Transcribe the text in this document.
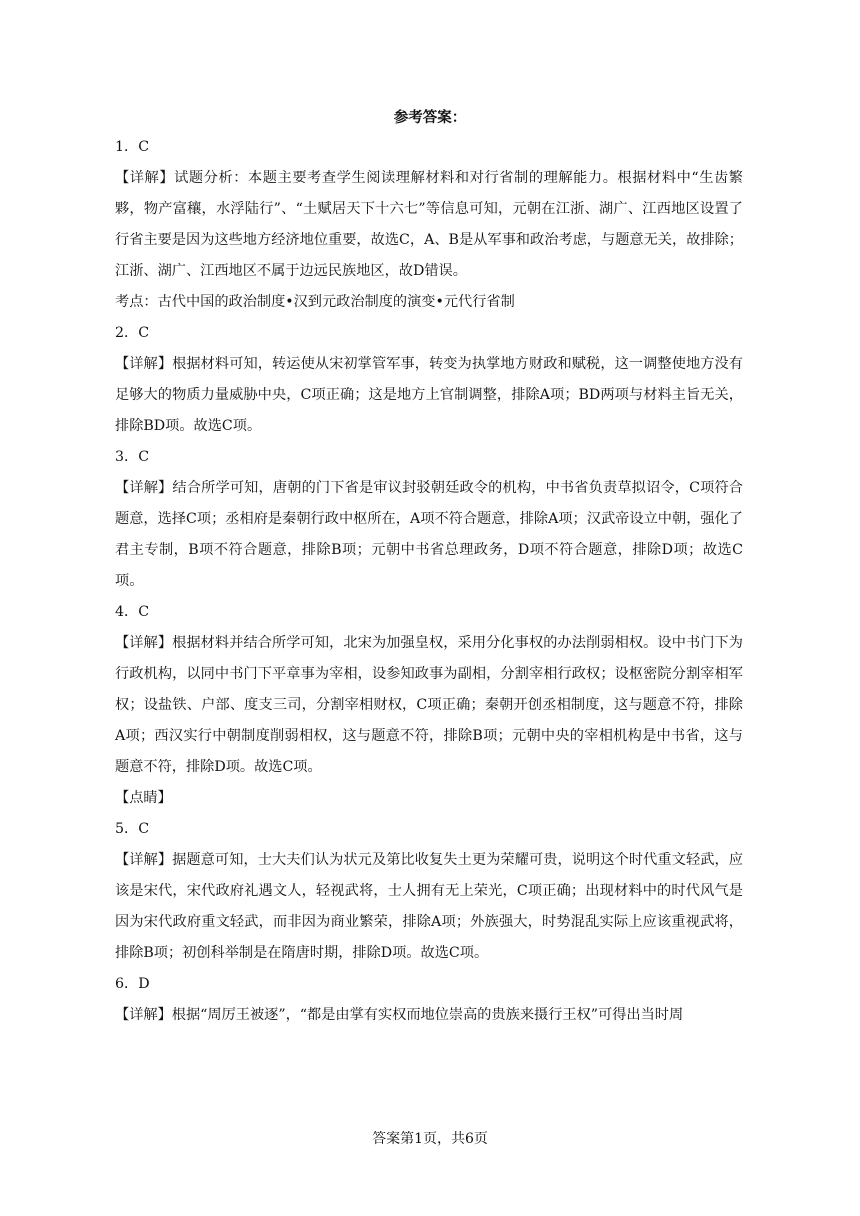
参考答案：

1．C

【详解】试题分析：本题主要考查学生阅读理解材料和对行省制的理解能力。根据材料中“生齿繁夥，物产富穰，水浮陆行”、“土赋居天下十六七”等信息可知，元朝在江浙、湖广、江西地区设置了行省主要是因为这些地方经济地位重要，故选C，A、B是从军事和政治考虑，与题意无关，故排除；江浙、湖广、江西地区不属于边远民族地区，故D错误。

考点：古代中国的政治制度•汉到元政治制度的演变•元代行省制

2．C

【详解】根据材料可知，转运使从宋初掌管军事，转变为执掌地方财政和赋税，这一调整使地方没有足够大的物质力量威胁中央，C项正确；这是地方上官制调整，排除A项；BD两项与材料主旨无关，排除BD项。故选C项。

3．C

【详解】结合所学可知，唐朝的门下省是审议封驳朝廷政令的机构，中书省负责草拟诏令，C项符合题意，选择C项；丞相府是秦朝行政中枢所在，A项不符合题意，排除A项；汉武帝设立中朝，强化了君主专制，B项不符合题意，排除B项；元朝中书省总理政务，D项不符合题意，排除D项；故选C项。

4．C

【详解】根据材料并结合所学可知，北宋为加强皇权，采用分化事权的办法削弱相权。设中书门下为行政机构，以同中书门下平章事为宰相，设参知政事为副相，分割宰相行政权；设枢密院分割宰相军权；设盐铁、户部、度支三司，分割宰相财权，C项正确；秦朝开创丞相制度，这与题意不符，排除A项；西汉实行中朝制度削弱相权，这与题意不符，排除B项；元朝中央的宰相机构是中书省，这与题意不符，排除D项。故选C项。

【点睛】

5．C

【详解】据题意可知，士大夫们认为状元及第比收复失土更为荣耀可贵，说明这个时代重文轻武，应该是宋代，宋代政府礼遇文人，轻视武将，士人拥有无上荣光，C项正确；出现材料中的时代风气是因为宋代政府重文轻武，而非因为商业繁荣，排除A项；外族强大，时势混乱实际上应该重视武将，排除B项；初创科举制是在隋唐时期，排除D项。故选C项。

6．D

【详解】根据“周厉王被逐”，“都是由掌有实权而地位崇高的贵族来摄行王权”可得出当时周

答案第1页，共6页
